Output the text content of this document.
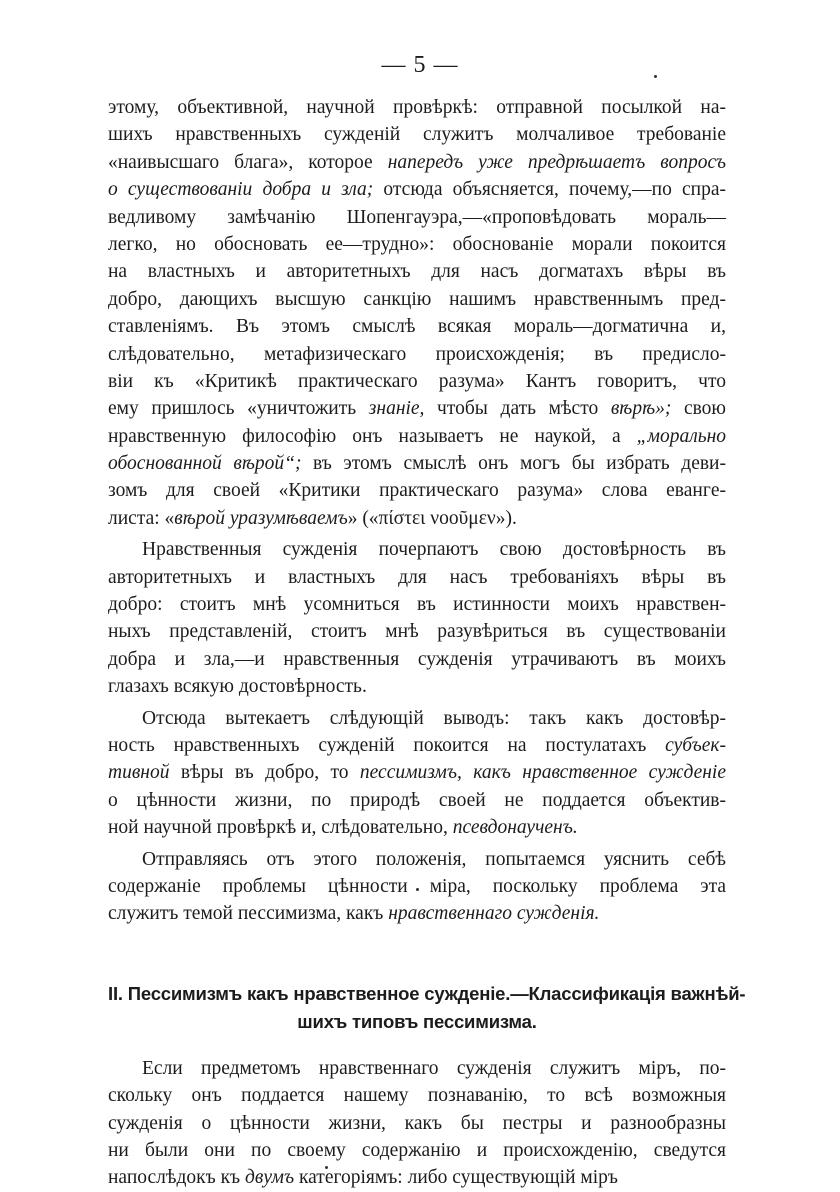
— 5 —
этому, объективной, научной провѣркѣ: отправной посылкой на-
шихъ нравственныхъ сужденій служитъ молчаливое требованіе
«наивысшаго блага», которое напередъ уже предрѣшаетъ вопросъ
о существованіи добра и зла; отсюда объясняется, почему,—по спра-
ведливому замѣчанію Шопенгауэра,—«проповѣдовать мораль—
легко, но обосновать ее—трудно»: обоснованіе морали покоится
на властныхъ и авторитетныхъ для насъ догматахъ вѣры въ
добро, дающихъ высшую санкцію нашимъ нравственнымъ пред-
ставленіямъ. Въ этомъ смыслѣ всякая мораль—догматична и,
слѣдовательно, метафизическаго происхожденія; въ предисло-
віи къ «Критикѣ практическаго разума» Кантъ говоритъ, что
ему пришлось «уничтожить знаніе, чтобы дать мѣсто вѣрѣ»; свою
нравственную философію онъ называетъ не наукой, а „морально
обоснованной вѣрой“; въ этомъ смыслѣ онъ могъ бы избрать деви-
зомъ для своей «Критики практическаго разума» слова евангe-
листа: «вѣрой уразумѣваемъ» («πίστει νοοῦμεν»).
Нравственныя сужденія почерпаютъ свою достовѣрность въ
авторитетныхъ и властныхъ для насъ требованіяхъ вѣры въ
добро: стоитъ мнѣ усомниться въ истинности моихъ нравствен-
ныхъ представленій, стоитъ мнѣ разувѣриться въ существованіи
добра и зла,—и нравственныя сужденія утрачиваютъ въ моихъ
глазахъ всякую достовѣрность.
Отсюда вытекаетъ слѣдующій выводъ: такъ какъ достовѣр-
ность нравственныхъ сужденій покоится на постулатахъ субъек-
тивной вѣры въ добро, то пессимизмъ, какъ нравственное сужденіе
о цѣнности жизни, по природѣ своей не поддается объектив-
ной научной провѣркѣ и, слѣдовательно, псевдонаученъ.
Отправляясь отъ этого положенія, попытаемся уяснить себѣ
содержаніе проблемы цѣнности міра, поскольку проблема эта
служитъ темой пессимизма, какъ нравственнаго сужденія.
II. Пессимизмъ какъ нравственное сужденіе.—Классификація важнѣй-
шихъ типовъ пессимизма.
Если предметомъ нравственнаго сужденія служитъ міръ, по-
скольку онъ поддается нашему познаванію, то всѣ возможныя
сужденія о цѣнности жизни, какъ бы пестры и разнообразны
ни были они по своему содержанію и происхожденію, сведутся
напослѣдокъ къ двумъ категоріямъ: либо существующій міръ
